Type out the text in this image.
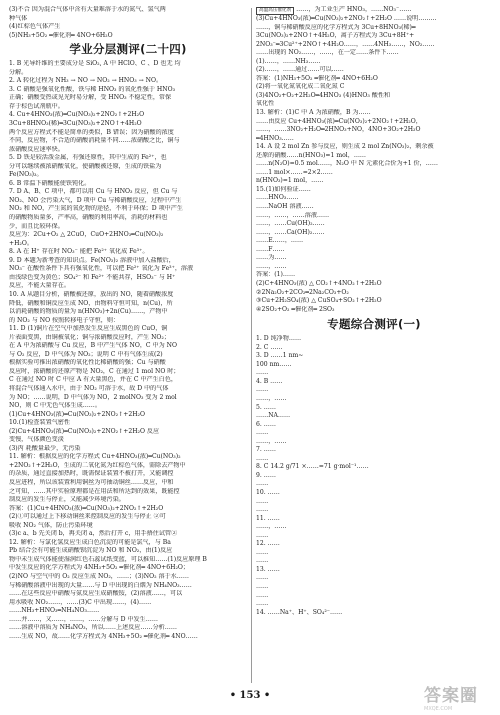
(3)不合 因为混合气体中含有大量难溶于水的氮气、氢气两
种气体
(4)红棕色气体产生
(5)NH₃+5O₂ ═催化剂═ 4NO+6H₂O
学业分层测评(二十四)
1. B 光导纤维的主要成分是 SiO₂, A 中 HClO、C 、D 也无 均
分解。
2. A 转化过程为 NH₃ → NO → NO₂ → HNO₃ → NO。
3. C 硝酸是强氧化性酸，铁与稀 HNO₃ 的氧化性强于 HNO₃
正确；硝酸受热或见光时易分解，受 HNO₃ 不稳定性，常保
存于棕色试剂瓶中。
4. Cu+4HNO₃(浓)═Cu(NO₃)₂+2NO₂↑+2H₂O
3Cu+8HNO₃(稀)═3Cu(NO₃)₂+2NO↑+4H₂O
两个反应方程式不能是简单的类似，B 错误；因为硝酸的浓度
不同，反应物，不合适的硝酸消耗量不同……浓硝酸之比，铜与
浓硝酸反应速率快。
5. D 铁是较活泼金属，有强还原性，其中生成的 Fe²⁺，也
分可以继续被浓硝酸氧化，使硝酸被还原，生成的铁盐为
Fe(NO₃)₃。
6. B 常温下硝酸能使铁钝化。
7. D A、B、C 项中，都可以用 Cu 与 HNO₃ 反应，但 Cu 与
NO₂、NO 会污染大气，D 项中 Cu 与稀硝酸反应，过程中产生
NO₂ 和 NO，产生氮的氧化物的途径，不利于环保；D 项中产生
的硝酸物质量多，产率高，硝酸的利用率高，消耗的材料也
少，而且比较环保。
反应为：2Cu+O₂ △ 2CuO，CuO+2HNO₃═Cu(NO₃)₂
+H₂O。
8. A 在 H⁺ 存在时 NO₃⁻ 能把 Fe²⁺ 氧化成 Fe³⁺。
9. D 本题为新考查的知识点。Fe(NO₃)₂ 溶液中加入盐酸后，
NO₃⁻ 在酸性条件下具有强氧化性，可以把 Fe²⁺ 氧化为 Fe³⁺，溶液
由浅绿色变为黄色；SO₄²⁻ 和 Fe²⁺ 不能共存，HSO₃⁻ 与 H⁺
反应，不能大量存在。
10. A 从题目分析，硝酸被还原，放出的 NO，随着硝酸浓度
降低，硝酸和铜反应生成 NO，由物料守恒可知，n(Cu)，所
以消耗硝酸的物质的量为 n(HNO₃)+2n(Cu)……，产物中
的 NO₂ 与 NO 按照转移电子守恒，则：
11. D (1)铜片在空气中加热发生反应生成黑色的 CuO，铜
片表面变黑，由铜被氧化；铜与浓硝酸反应时，产生 NO₂；
在 A 中为浓硝酸与 Cu 反应，B 中产生气体 NO，C 中为 NO
与 O₂ 反应，D 中气体为 NO₂；说明 C 中有气体生成(2)
根据实验可推出浓硝酸的氧化性比稀硝酸的强；Cu 与硝酸
反应时，浓硝酸的还原产物是 NO₂，C 在通过 1 mol NO 时；
C 在通过 NO 时 C 中应 A 有大量黑色，并在 C 中产生白色，
将混合气体通入水中，由于 NO₂ 可溶于水，故 D 中的气体
为 NO；……说明，D 中气体为 NO，2 molNO₃ 变为 2 mol
NO，则 C 中无色气体生成……。
(1)Cu+4HNO₃(浓)═Cu(NO₃)₂+2NO₂↑+2H₂O
10.(1)检查装置气密性
(2)Cu+4HNO₃(浓)═Cu(NO₃)₂+2NO₂↑+2H₂O 反应
变慢，气体颜色变淡
(3)丙 耗酸量最少，无污染
11. 解析：根据反应的化学方程式 Cu+4HNO₃(浓)═Cu(NO₃)₂
+2NO₂↑+2H₂O，生成的二氧化氮为红棕色气体，需除去产物中
的杂质，通过直接加热时，既需保证装置不被打开，又能调控
反应进程，所以该装置利用铜丝为可抽动铜丝……反应，中和
之可知，……其中实验原理都是在用法和所达到的效果，既能控
制反应的发生与停止，又能减少环境污染。
答案：(1)Cu+4HNO₃(浓)═Cu(NO₃)₂+2NO₂↑+2H₂O
(2)①可以通过上下移动铜丝来控制反应的发生与停止 ②可
吸收 NO₂ 气体，防止污染环境
(3)c a、b 先关闭 b，再关闭 a，然后打开 c，用手捂住试管②
12. 解析：与氯化氢反应生成白色沉淀的可能是氯气，与 Ba
Pb 结合会有可能生成硝酸钡沉淀为 NO 和 NO₂，由(1)反应
物中未生成气体能使湿润红色石蕊试纸变蓝，可以推知……(1)反应原理 B
中发生反应的化学方程式为 4NH₃+5O₂ ═催化剂═ 4NO+6H₂O；
(2)NO 与空气中的 O₂ 反应生成 NO₂，……；(3)NO₂ 溶于水……
与稀硝酸溶液中出现的大量……与 D 中出现的白烟为 NH₄NO₃……
……在这些反应中硝酸与氨反应生成硝酸铵，(2)溶液……，可以
用水吸收 NO₂……，……(3)C 中出现……，(4)……
……NH₃+HNO₃═NH₄NO₃……
……并……，又……，……，……分解与 D 中发生……
……溶液中溶质为 NH₄NO₃，所以……上述反应……分析……
……生成 NO，故……化学方程式为 4NH₃+5O₂ ═催化剂═ 4NO……
高温高压催化剂 ……，为工业生产 HNO₃，……NO₃⁻……
(3)Cu+4HNO₃(浓)═Cu(NO₃)₂+2NO₂↑+2H₂O ……说明………
……，铜与稀硝酸反应的化学方程式为 3Cu+8HNO₃(稀)═
3Cu(NO₃)₂+2NO↑+4H₂O，离子方程式为 3Cu+8H⁺+
2NO₃⁻═3Cu²⁺+2NO↑+4H₂O……，……4NH₃……，NO₂……
……出现的 NO₂……，……，在一定……条件下……
(1)……，……NH₃……
(2)……，……通过……可以……
答案：(1)NH₃+5O₂ ═催化剂═ 4NO+6H₂O
(2)将一氧化氮氧化成二氧化氮 C
(3)4NO₂+O₂+2H₂O═4HNO₃ (4)HNO₃ 酸性和
氧化性
13. 解析：(1)C 中 A 为浓硝酸，B 为……
……由反应 Cu+4HNO₃(浓)═Cu(NO₃)₂+2NO₂↑+2H₂O，
……，……3NO₂+H₂O═2HNO₃+NO，4NO+3O₂+2H₂O
═4HNO₃……
14. A 设 2 mol Zn 参与反应，则生成 2 mol Zn(NO₃)₂，剩余被
还原的硝酸……n(HNO₃)=1 mol，……
……n(N₂O)=0.5 mol……，N₂O 中 N 元素化合价为+1 价，……
……1 mol×……=2×2……
n(HNO₃)=1 mol，……
15.(1)如何验证……
……HNO₃……
……NaOH 溶液……
……，……，……溶液……
……，……Cu(OH)₂……
……，……Ca(OH)₂……
……E……，……
……F……
……为……
……，……
答案：(1)……
(2)C+4HNO₃(浓) △ CO₂↑+4NO₂↑+2H₂O
②2Na₂O₂+2CO₂═2Na₂CO₃+O₂
③Cu+2H₂SO₄(浓) △ CuSO₄+SO₂↑+2H₂O
④2SO₂+O₂ ═催化剂═ 2SO₃
专题综合测评(一)
1. D 纯净物……
2. C ……
3. D ……1 nm~
100 nm……
……
4. B ……
……
……，……
5. ……
……NA……
6. ……
……
……，……
7. ……
……
8. C 14.2 g/71 ×……=71 g·mol⁻¹……
9. ……
……
10. ……
……
……
11. ……
……，……
……
12. ……
……
……
13. ……
……
……
……
……
14. ……Na⁺、H⁺、SO₄²⁻……
• 153 •	答案圈
MXQE.COM
